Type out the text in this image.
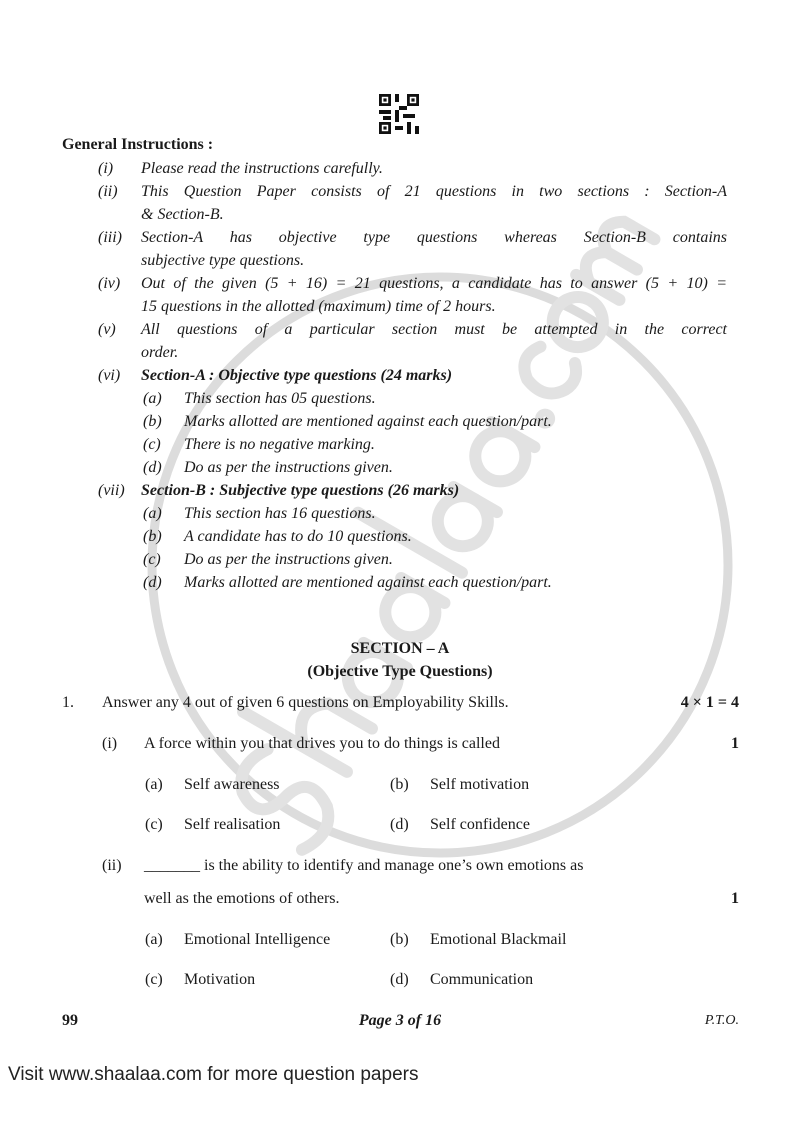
General Instructions :
(i) Please read the instructions carefully.
(ii) This Question Paper consists of 21 questions in two sections : Section-A
& Section-B.
(iii) Section-A has objective type questions whereas Section-B contains
subjective type questions.
(iv) Out of the given (5 + 16) = 21 questions, a candidate has to answer (5 + 10) =
15 questions in the allotted (maximum) time of 2 hours.
(v) All questions of a particular section must be attempted in the correct
order.
(vi) Section-A : Objective type questions (24 marks)
(a) This section has 05 questions.
(b) Marks allotted are mentioned against each question/part.
(c) There is no negative marking.
(d) Do as per the instructions given.
(vii) Section-B : Subjective type questions (26 marks)
(a) This section has 16 questions.
(b) A candidate has to do 10 questions.
(c) Do as per the instructions given.
(d) Marks allotted are mentioned against each question/part.
SECTION – A
(Objective Type Questions)
1. Answer any 4 out of given 6 questions on Employability Skills.	4 × 1 = 4
(i) A force within you that drives you to do things is called	1
(a) Self awareness	(b) Self motivation
(c) Self realisation	(d) Self confidence
(ii) _______ is the ability to identify and manage one’s own emotions as
well as the emotions of others.	1
(a) Emotional Intelligence	(b) Emotional Blackmail
(c) Motivation	(d) Communication
99	Page 3 of 16	P.T.O.
Visit www.shaalaa.com for more question papers
